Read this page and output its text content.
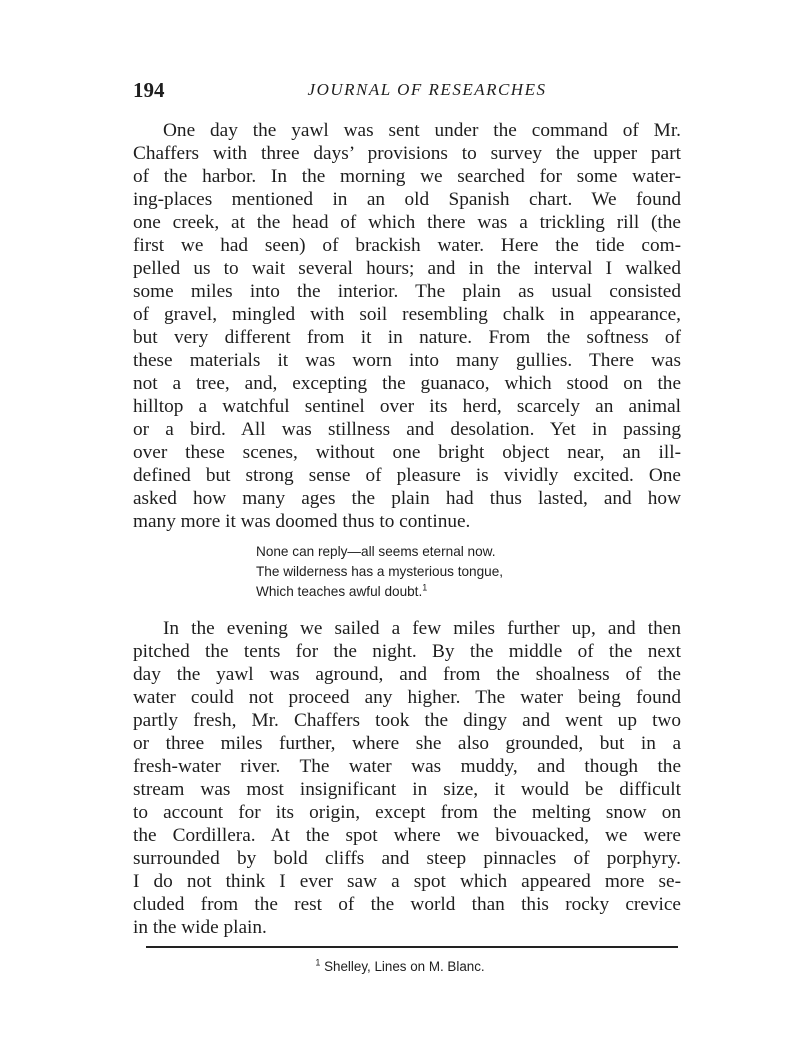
194	JOURNAL OF RESEARCHES
One day the yawl was sent under the command of Mr.
Chaffers with three days’ provisions to survey the upper part
of the harbor. In the morning we searched for some water-
ing-places mentioned in an old Spanish chart. We found
one creek, at the head of which there was a trickling rill (the
first we had seen) of brackish water. Here the tide com-
pelled us to wait several hours; and in the interval I walked
some miles into the interior. The plain as usual consisted
of gravel, mingled with soil resembling chalk in appearance,
but very different from it in nature. From the softness of
these materials it was worn into many gullies. There was
not a tree, and, excepting the guanaco, which stood on the
hilltop a watchful sentinel over its herd, scarcely an animal
or a bird. All was stillness and desolation. Yet in passing
over these scenes, without one bright object near, an ill-
defined but strong sense of pleasure is vividly excited. One
asked how many ages the plain had thus lasted, and how
many more it was doomed thus to continue.
None can reply—all seems eternal now.
The wilderness has a mysterious tongue,
Which teaches awful doubt.$^1$
In the evening we sailed a few miles further up, and then
pitched the tents for the night. By the middle of the next
day the yawl was aground, and from the shoalness of the
water could not proceed any higher. The water being found
partly fresh, Mr. Chaffers took the dingy and went up two
or three miles further, where she also grounded, but in a
fresh-water river. The water was muddy, and though the
stream was most insignificant in size, it would be difficult
to account for its origin, except from the melting snow on
the Cordillera. At the spot where we bivouacked, we were
surrounded by bold cliffs and steep pinnacles of porphyry.
I do not think I ever saw a spot which appeared more se-
cluded from the rest of the world than this rocky crevice
in the wide plain.
$^1$ Shelley, Lines on M. Blanc.
